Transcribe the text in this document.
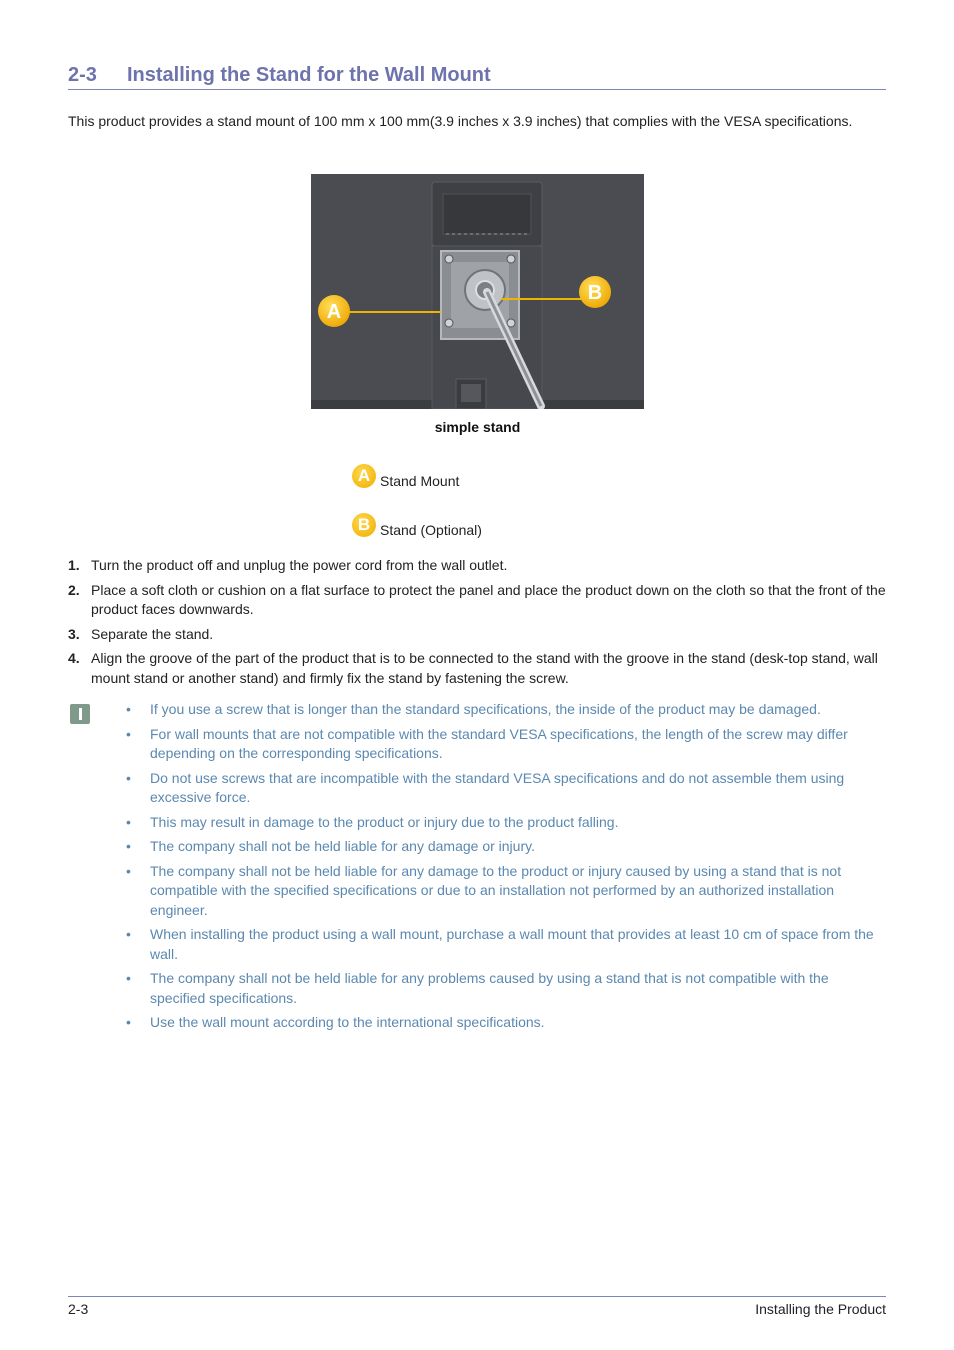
2-3 Installing the Stand for the Wall Mount
This product provides a stand mount of 100 mm x 100 mm(3.9 inches x 3.9 inches) that complies with the VESA specifications.
A
B
simple stand
A Stand Mount
B Stand (Optional)
1. Turn the product off and unplug the power cord from the wall outlet.
2. Place a soft cloth or cushion on a flat surface to protect the panel and place the product down on the cloth so that the front of the product faces downwards.
3. Separate the stand.
4. Align the groove of the part of the product that is to be connected to the stand with the groove in the stand (desk-top stand, wall mount stand or another stand) and firmly fix the stand by fastening the screw.
• If you use a screw that is longer than the standard specifications, the inside of the product may be damaged.
• For wall mounts that are not compatible with the standard VESA specifications, the length of the screw may differ depending on the corresponding specifications.
• Do not use screws that are incompatible with the standard VESA specifications and do not assemble them using excessive force.
• This may result in damage to the product or injury due to the product falling.
• The company shall not be held liable for any damage or injury.
• The company shall not be held liable for any damage to the product or injury caused by using a stand that is not compatible with the specified specifications or due to an installation not performed by an authorized installation engineer.
• When installing the product using a wall mount, purchase a wall mount that provides at least 10 cm of space from the wall.
• The company shall not be held liable for any problems caused by using a stand that is not compatible with the specified specifications.
• Use the wall mount according to the international specifications.
2-3	Installing the Product
